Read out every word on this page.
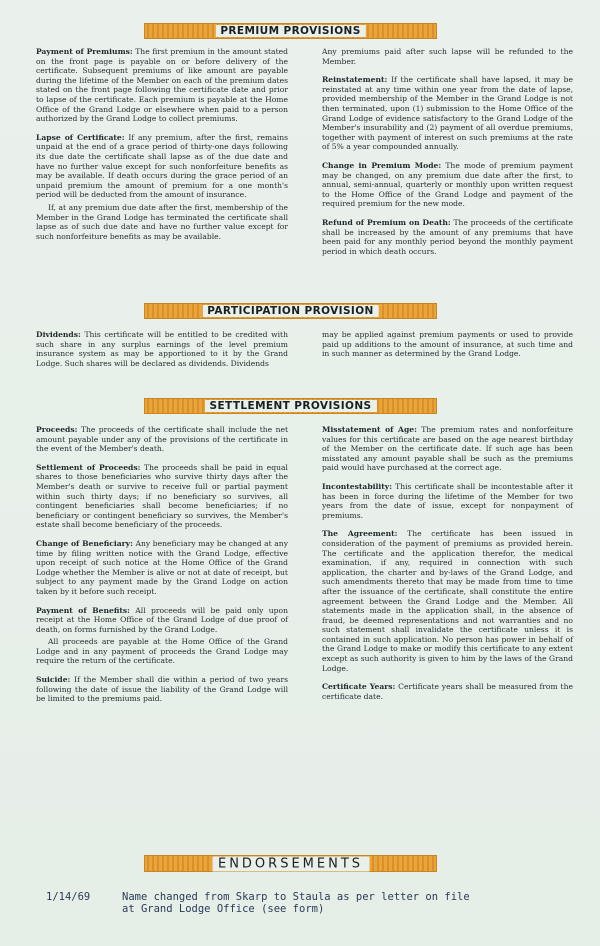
PREMIUM PROVISIONS

Payment of Premiums: The first premium in the amount stated on the front page is payable on or before delivery of the certificate. Subsequent premiums of like amount are payable during the lifetime of the Member on each of the premium dates stated on the front page following the certificate date and prior to lapse of the certificate. Each premium is payable at the Home Office of the Grand Lodge or elsewhere when paid to a person authorized by the Grand Lodge to collect premiums.

Lapse of Certificate: If any premium, after the first, remains unpaid at the end of a grace period of thirty-one days following its due date the certificate shall lapse as of the due date and have no further value except for such nonforfeiture benefits as may be available. If death occurs during the grace period of an unpaid premium the amount of premium for a one month's period will be deducted from the amount of insurance.

If, at any premium due date after the first, membership of the Member in the Grand Lodge has terminated the certificate shall lapse as of such due date and have no further value except for such nonforfeiture benefits as may be available.

Any premiums paid after such lapse will be refunded to the Member.

Reinstatement: If the certificate shall have lapsed, it may be reinstated at any time within one year from the date of lapse, provided membership of the Member in the Grand Lodge is not then terminated, upon (1) submission to the Home Office of the Grand Lodge of evidence satisfactory to the Grand Lodge of the Member's insurability and (2) payment of all overdue premiums, together with payment of interest on such premiums at the rate of 5% a year compounded annually.

Change in Premium Mode: The mode of premium payment may be changed, on any premium due date after the first, to annual, semi-annual, quarterly or monthly upon written request to the Home Office of the Grand Lodge and payment of the required premium for the new mode.

Refund of Premium on Death: The proceeds of the certificate shall be increased by the amount of any premiums that have been paid for any monthly period beyond the monthly payment period in which death occurs.

PARTICIPATION PROVISION

Dividends: This certificate will be entitled to be credited with such share in any surplus earnings of the level premium insurance system as may be apportioned to it by the Grand Lodge. Such shares will be declared as dividends. Dividends

may be applied against premium payments or used to provide paid up additions to the amount of insurance, at such time and in such manner as determined by the Grand Lodge.

SETTLEMENT PROVISIONS

Proceeds: The proceeds of the certificate shall include the net amount payable under any of the provisions of the certificate in the event of the Member's death.

Settlement of Proceeds: The proceeds shall be paid in equal shares to those beneficiaries who survive thirty days after the Member's death or survive to receive full or partial payment within such thirty days; if no beneficiary so survives, all contingent beneficiaries shall become beneficiaries; if no beneficiary or contingent beneficiary so survives, the Member's estate shall become beneficiary of the proceeds.

Change of Beneficiary: Any beneficiary may be changed at any time by filing written notice with the Grand Lodge, effective upon receipt of such notice at the Home Office of the Grand Lodge whether the Member is alive or not at date of receipt, but subject to any payment made by the Grand Lodge on action taken by it before such receipt.

Payment of Benefits: All proceeds will be paid only upon receipt at the Home Office of the Grand Lodge of due proof of death, on forms furnished by the Grand Lodge.

All proceeds are payable at the Home Office of the Grand Lodge and in any payment of proceeds the Grand Lodge may require the return of the certificate.

Suicide: If the Member shall die within a period of two years following the date of issue the liability of the Grand Lodge will be limited to the premiums paid.

Misstatement of Age: The premium rates and nonforfeiture values for this certificate are based on the age nearest birthday of the Member on the certificate date. If such age has been misstated any amount payable shall be such as the premiums paid would have purchased at the correct age.

Incontestability: This certificate shall be incontestable after it has been in force during the lifetime of the Member for two years from the date of issue, except for nonpayment of premiums.

The Agreement: The certificate has been issued in consideration of the payment of premiums as provided herein. The certificate and the application therefor, the medical examination, if any, required in connection with such application, the charter and by-laws of the Grand Lodge, and such amendments thereto that may be made from time to time after the issuance of the certificate, shall constitute the entire agreement between the Grand Lodge and the Member. All statements made in the application shall, in the absence of fraud, be deemed representations and not warranties and no such statement shall invalidate the certificate unless it is contained in such application. No person has power in behalf of the Grand Lodge to make or modify this certificate to any extent except as such authority is given to him by the laws of the Grand Lodge.

Certificate Years: Certificate years shall be measured from the certificate date.

ENDORSEMENTS
1/14/69	Name changed from Skarp to Staula as per letter on file
at Grand Lodge Office (see form)
